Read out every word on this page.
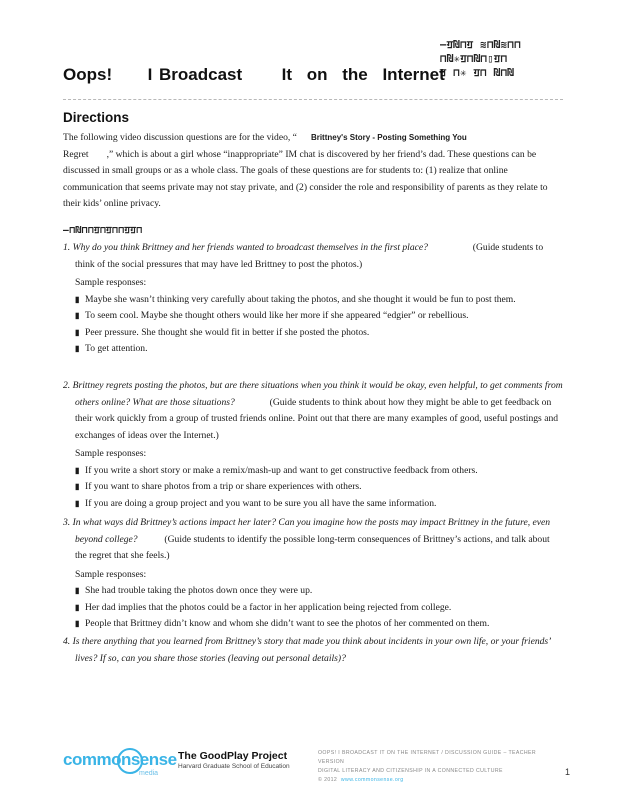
–ॻ₪⊓ॻ ≋⊓₪≋⊓⊓
⊓₪✳ॻ⊓₪⊓▯ॻ⊓
ॻ ⊓✳ ॻ⊓ ₪⊓₪
Oops! I Broadcast It on the Internet
Directions
The following video discussion questions are for the video, “ Brittney's Story - Posting Something You
Regret ,” which is about a girl whose “inappropriate” IM chat is discovered by her friend’s dad. These questions can be discussed in small groups or as a whole class. The goals of these questions are for students to: (1) realize that online communication that seems private may not stay private, and (2) consider the role and responsibility of parents as they relate to their kids’ online privacy.
–⊓₪⊓⊓ॻ⊓ॻ⊓⊓ॻॻ⊓
1. Why do you think Brittney and her friends wanted to broadcast themselves in the first place?	(Guide students to think of the social pressures that may have led Brittney to post the photos.)
Sample responses:
▮ Maybe she wasn’t thinking very carefully about taking the photos, and she thought it would be fun to post them.
▮ To seem cool. Maybe she thought others would like her more if she appeared “edgier” or rebellious.
▮ Peer pressure. She thought she would fit in better if she posted the photos.
▮ To get attention.
2. Brittney regrets posting the photos, but are there situations when you think it would be okay, even helpful, to get comments from others online? What are those situations?	(Guide students to think about how they might be able to get feedback on their work quickly from a group of trusted friends online. Point out that there are many examples of good, useful postings and exchanges of ideas over the Internet.)
Sample responses:
▮ If you write a short story or make a remix/mash-up and want to get constructive feedback from others.
▮ If you want to share photos from a trip or share experiences with others.
▮ If you are doing a group project and you want to be sure you all have the same information.
3. In what ways did Brittney’s actions impact her later? Can you imagine how the posts may impact Brittney in the future, even beyond college?	(Guide students to identify the possible long-term consequences of Brittney’s actions, and talk about the regret that she feels.)
Sample responses:
▮ She had trouble taking the photos down once they were up.
▮ Her dad implies that the photos could be a factor in her application being rejected from college.
▮ People that Brittney didn’t know and whom she didn’t want to see the photos of her commented on them.
4. Is there anything that you learned from Brittney’s story that made you think about incidents in your own life, or your friends’ lives? If so, can you share those stories (leaving out personal details)?
commonsense
media
The GoodPlay Project
Harvard Graduate School of Education
OOPS! I BROADCAST IT ON THE INTERNET / DISCUSSION GUIDE – TEACHER VERSION
DIGITAL LITERACY AND CITIZENSHIP IN A CONNECTED CULTURE
© 2012 www.commonsense.org
1
